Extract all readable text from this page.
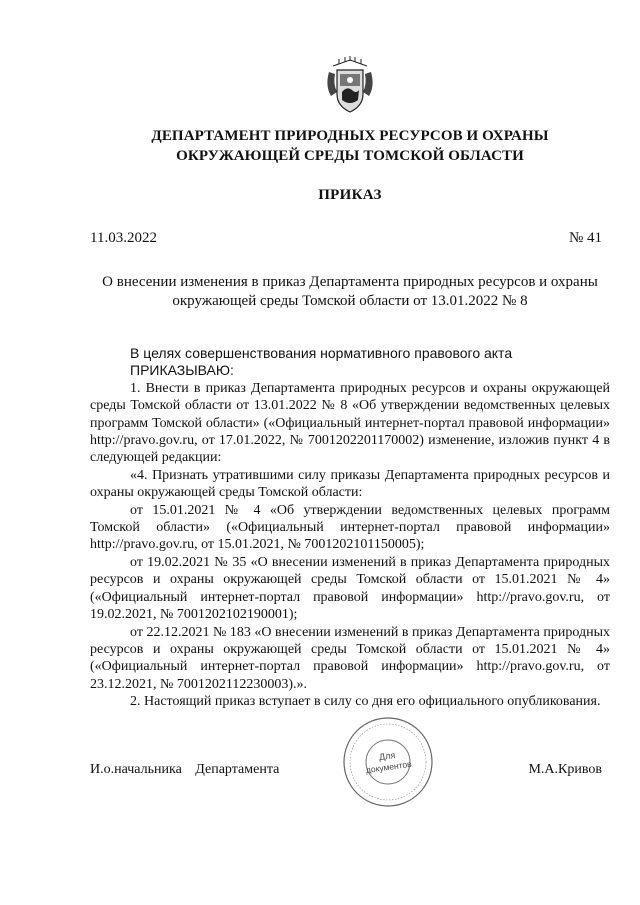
ДЕПАРТАМЕНТ ПРИРОДНЫХ РЕСУРСОВ И ОХРАНЫ
ОКРУЖАЮЩЕЙ СРЕДЫ ТОМСКОЙ ОБЛАСТИ
ПРИКАЗ
11.03.2022	№ 41
О внесении изменения в приказ Департамента природных ресурсов и охраны
окружающей среды Томской области от 13.01.2022 № 8

В целях совершенствования нормативного правового акта

ПРИКАЗЫВАЮ:

1. Внести в приказ Департамента природных ресурсов и охраны окружающей среды Томской области от 13.01.2022 № 8 «Об утверждении ведомственных целевых программ Томской области» («Официальный интернет-портал правовой информации» http://pravo.gov.ru, от 17.01.2022, № 7001202201170002) изменение, изложив пункт 4 в следующей редакции:

«4. Признать утратившими силу приказы Департамента природных ресурсов и охраны окружающей среды Томской области:

от 15.01.2021 № 4 «Об утверждении ведомственных целевых программ Томской области» («Официальный интернет-портал правовой информации» http://pravo.gov.ru, от 15.01.2021, № 7001202101150005);

от 19.02.2021 № 35 «О внесении изменений в приказ Департамента природных ресурсов и охраны окружающей среды Томской области от 15.01.2021 № 4» («Официальный интернет-портал правовой информации» http://pravo.gov.ru, от 19.02.2021, № 7001202102190001);

от 22.12.2021 № 183 «О внесении изменений в приказ Департамента природных ресурсов и охраны окружающей среды Томской области от 15.01.2021 № 4» («Официальный интернет-портал правовой информации» http://pravo.gov.ru, от 23.12.2021, № 7001202112230003).».

2. Настоящий приказ вступает в силу со дня его официального опубликования.

Для
документов
И.о.начальника Департамента	М.А.Кривов
